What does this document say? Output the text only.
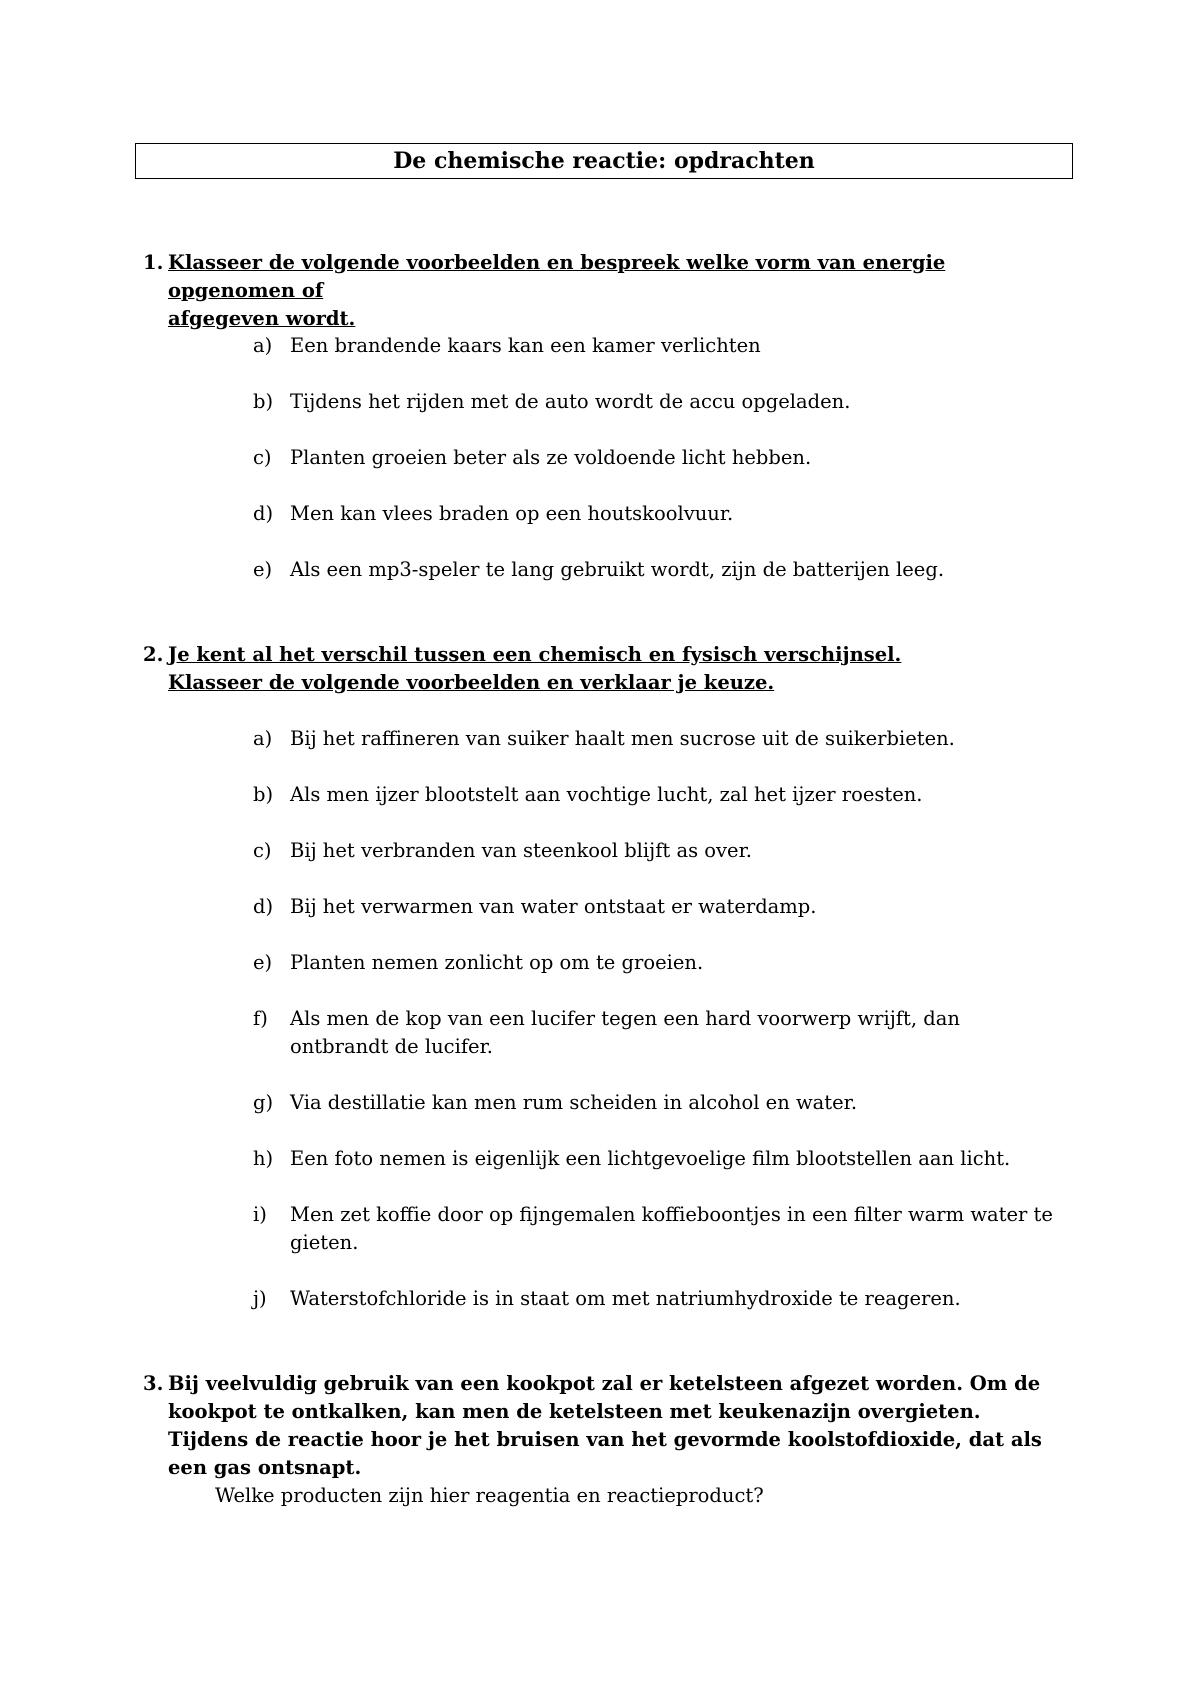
De chemische reactie: opdrachten
1. Klasseer de volgende voorbeelden en bespreek welke vorm van energie opgenomen of
afgegeven wordt.
a) Een brandende kaars kan een kamer verlichten
b) Tijdens het rijden met de auto wordt de accu opgeladen.
c) Planten groeien beter als ze voldoende licht hebben.
d) Men kan vlees braden op een houtskoolvuur.
e) Als een mp3-speler te lang gebruikt wordt, zijn de batterijen leeg.
2. Je kent al het verschil tussen een chemisch en fysisch verschijnsel.
Klasseer de volgende voorbeelden en verklaar je keuze.
a) Bij het raffineren van suiker haalt men sucrose uit de suikerbieten.
b) Als men ijzer blootstelt aan vochtige lucht, zal het ijzer roesten.
c) Bij het verbranden van steenkool blijft as over.
d) Bij het verwarmen van water ontstaat er waterdamp.
e) Planten nemen zonlicht op om te groeien.
f)	Als men de kop van een lucifer tegen een hard voorwerp wrijft, dan ontbrandt de lucifer.
g) Via destillatie kan men rum scheiden in alcohol en water.
h) Een foto nemen is eigenlijk een lichtgevoelige film blootstellen aan licht.
i)	Men zet koffie door op fijngemalen koffieboontjes in een filter warm water te gieten.
j)	Waterstofchloride is in staat om met natriumhydroxide te reageren.
3. Bij veelvuldig gebruik van een kookpot zal er ketelsteen afgezet worden. Om de kookpot te ontkalken, kan men de ketelsteen met keukenazijn overgieten. Tijdens de reactie hoor je het bruisen van het gevormde koolstofdioxide, dat als een gas ontsnapt.
Welke producten zijn hier reagentia en reactieproduct?
